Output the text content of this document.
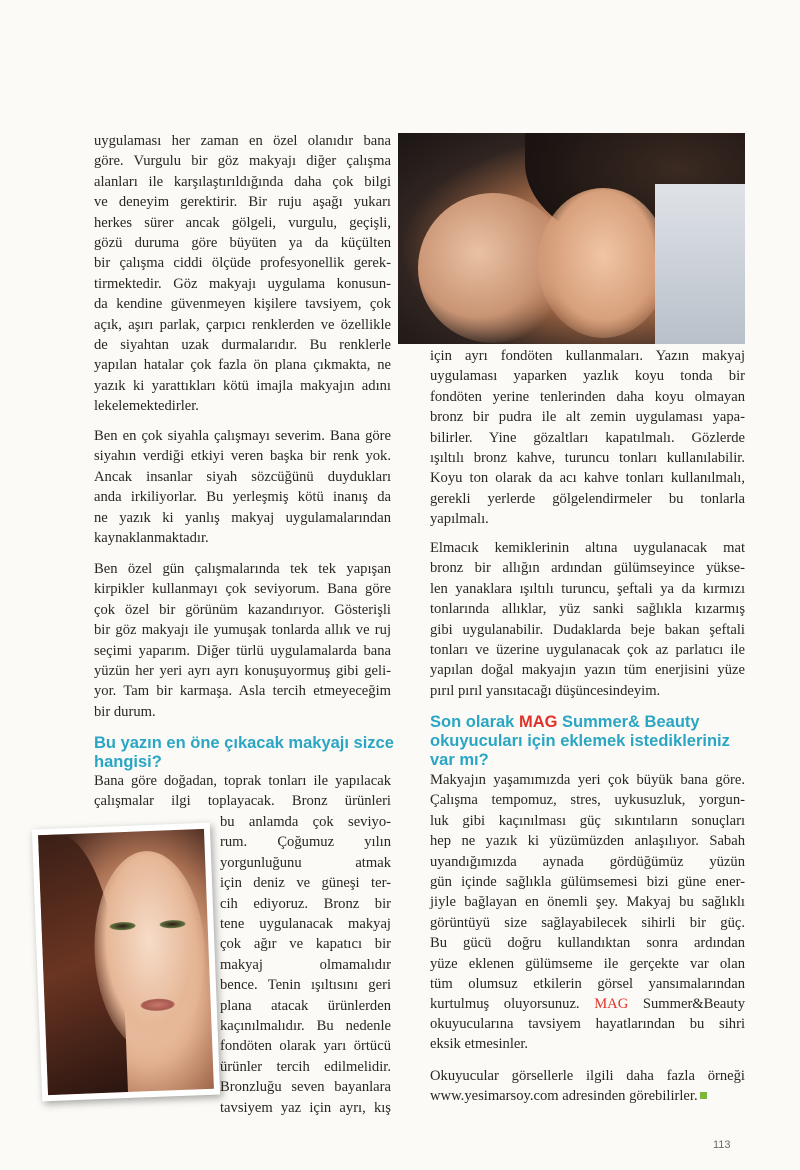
uygulaması her zaman en özel olanıdır bana
göre. Vurgulu bir göz makyajı diğer çalışma
alanları ile karşılaştırıldığında daha çok bilgi
ve deneyim gerektirir. Bir ruju aşağı yukarı
herkes sürer ancak gölgeli, vurgulu, geçişli,
gözü duruma göre büyüten ya da küçülten
bir çalışma ciddi ölçüde profesyonellik gerek-
tirmektedir. Göz makyajı uygulama konusun-
da kendine güvenmeyen kişilere tavsiyem, çok
açık, aşırı parlak, çarpıcı renklerden ve özellikle
de siyahtan uzak durmalarıdır. Bu renklerle
yapılan hatalar çok fazla ön plana çıkmakta, ne
yazık ki yarattıkları kötü imajla makyajın adını
lekelemektedirler.
Ben en çok siyahla çalışmayı severim. Bana göre
siyahın verdiği etkiyi veren başka bir renk yok.
Ancak insanlar siyah sözcüğünü duydukları
anda irkiliyorlar. Bu yerleşmiş kötü inanış da
ne yazık ki yanlış makyaj uygulamalarından
kaynaklanmaktadır.
Ben özel gün çalışmalarında tek tek yapışan
kirpikler kullanmayı çok seviyorum. Bana göre
çok özel bir görünüm kazandırıyor. Gösterişli
bir göz makyajı ile yumuşak tonlarda allık ve ruj
seçimi yaparım. Diğer türlü uygulamalarda bana
yüzün her yeri ayrı ayrı konuşuyormuş gibi geli-
yor. Tam bir karmaşa. Asla tercih etmeyeceğim
bir durum.
Bu yazın en öne çıkacak makyajı sizce
hangisi?
Bana göre doğadan, toprak tonları ile yapılacak
çalışmalar ilgi toplayacak. Bronz ürünleri
bu anlamda çok seviyo-
rum. Çoğumuz yılın
yorgunluğunu atmak
için deniz ve güneşi ter-
cih ediyoruz. Bronz bir
tene uygulanacak makyaj
çok ağır ve kapatıcı bir
makyaj olmamalıdır
bence. Tenin ışıltısını geri
plana atacak ürünlerden
kaçınılmalıdır. Bu nedenle
fondöten olarak yarı örtücü
ürünler tercih edilmelidir.
Bronzluğu seven bayanlara
tavsiyem yaz için ayrı, kış
için ayrı fondöten kullanmaları. Yazın makyaj
uygulaması yaparken yazlık koyu tonda bir
fondöten yerine tenlerinden daha koyu olmayan
bronz bir pudra ile alt zemin uygulaması yapa-
bilirler. Yine gözaltları kapatılmalı. Gözlerde
ışıltılı bronz kahve, turuncu tonları kullanılabilir.
Koyu ton olarak da acı kahve tonları kullanılmalı,
gerekli yerlerde gölgelendirmeler bu tonlarla
yapılmalı.
Elmacık kemiklerinin altına uygulanacak mat
bronz bir allığın ardından gülümseyince yükse-
len yanaklara ışıltılı turuncu, şeftali ya da kırmızı
tonlarında allıklar, yüz sanki sağlıkla kızarmış
gibi uygulanabilir. Dudaklarda beje bakan şeftali
tonları ve üzerine uygulanacak çok az parlatıcı ile
yapılan doğal makyajın yazın tüm enerjisini yüze
pırıl pırıl yansıtacağı düşüncesindeyim.
Son olarak MAG Summer& Beauty
okuyucuları için eklemek istedikleriniz
var mı?
Makyajın yaşamımızda yeri çok büyük bana göre.
Çalışma tempomuz, stres, uykusuzluk, yorgun-
luk gibi kaçınılması güç sıkıntıların sonuçları
hep ne yazık ki yüzümüzden anlaşılıyor. Sabah
uyandığımızda aynada gördüğümüz yüzün
gün içinde sağlıkla gülümsemesi bizi güne ener-
jiyle bağlayan en önemli şey. Makyaj bu sağlıklı
görüntüyü size sağlayabilecek sihirli bir güç.
Bu gücü doğru kullandıktan sonra ardından
yüze eklenen gülümseme ile gerçekte var olan
tüm olumsuz etkilerin görsel yansımalarından
kurtulmuş oluyorsunuz. MAG Summer&Beauty
okuyucularına tavsiyem hayatlarından bu sihri
eksik etmesinler.
Okuyucular görsellerle ilgili daha fazla örneği
www.yesimarsoy.com adresinden görebilirler.
113
